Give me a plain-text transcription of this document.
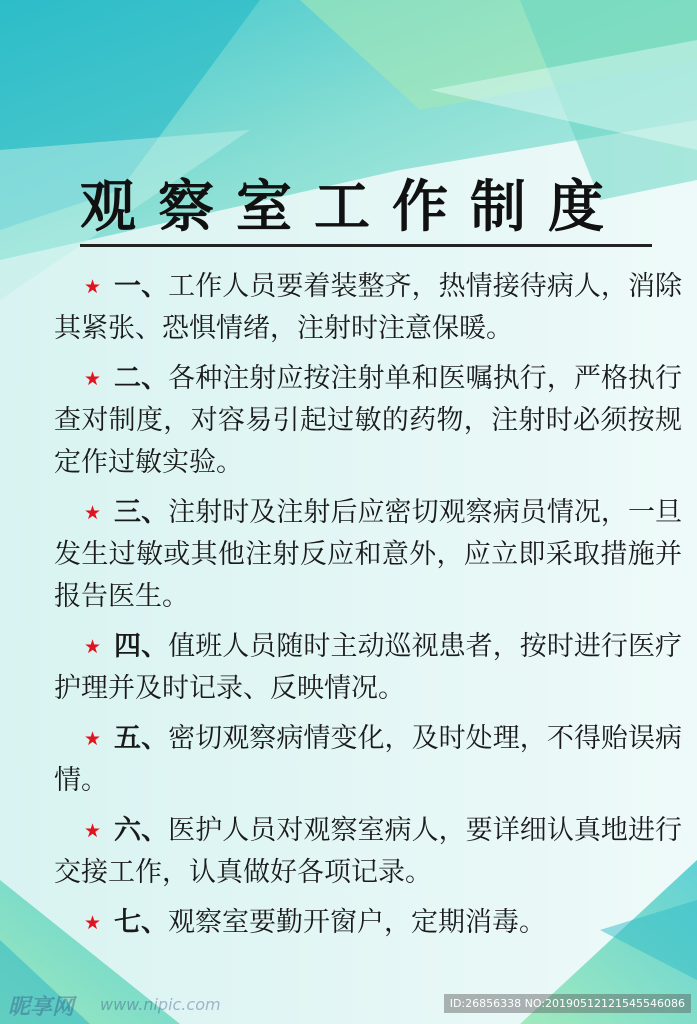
观察室工作制度
★ 一、工作人员要着装整齐，热情接待病人，消除其紧张、恐惧情绪，注射时注意保暖。
★ 二、各种注射应按注射单和医嘱执行，严格执行查对制度，对容易引起过敏的药物，注射时必须按规定作过敏实验。
★ 三、注射时及注射后应密切观察病员情况，一旦发生过敏或其他注射反应和意外，应立即采取措施并报告医生。
★ 四、值班人员随时主动巡视患者，按时进行医疗护理并及时记录、反映情况。
★ 五、密切观察病情变化，及时处理，不得贻误病情。
★ 六、医护人员对观察室病人，要详细认真地进行交接工作，认真做好各项记录。
★ 七、观察室要勤开窗户，定期消毒。
昵享网 www.nipic.com	ID:26856338 NO:20190512121545546086
